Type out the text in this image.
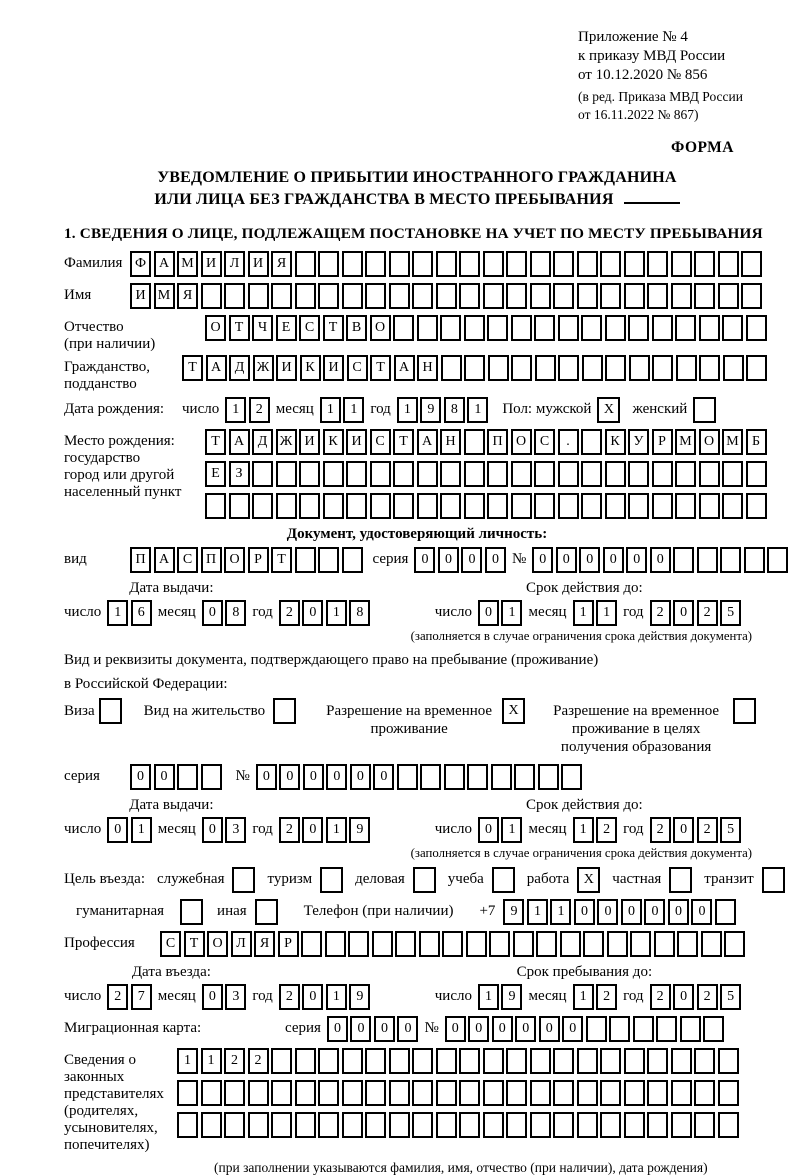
Приложение № 4
к приказу МВД России
от 10.12.2020 № 856
(в ред. Приказа МВД России
от 16.11.2022 № 867)
ФОРМА
УВЕДОМЛЕНИЕ О ПРИБЫТИИ ИНОСТРАННОГО ГРАЖДАНИНА
ИЛИ ЛИЦА БЕЗ ГРАЖДАНСТВА В МЕСТО ПРЕБЫВАНИЯ
1. СВЕДЕНИЯ О ЛИЦЕ, ПОДЛЕЖАЩЕМ ПОСТАНОВКЕ НА УЧЕТ ПО МЕСТУ ПРЕБЫВАНИЯ
Фамилия Ф А М И Л И Я
Имя	И М Я
Отчество
(при наличии)
О	Т	Ч	Е	С	Т	В О
Гражданство,
подданство
Т	А Д Ж И К И С	Т	А Н
Дата рождения:	число 1	2 месяц 1	1 год 1	9	8	1	Пол: мужской X	женский
Место рождения:
государство
город или другой
населенный пункт
Т	А Д Ж И К И С	Т	А Н	П О С	.	К У	Р М О М Б
Е	З
Документ, удостоверяющий личность:
вид	П А С П О	Р	Т	серия 0	0	0	0 № 0	0	0	0	0	0
Дата выдачи:
число 1	6 месяц 0	8 год 2	0	1	8
Срок действия до:
число 0	1 месяц 1	1 год 2	0	2	5
(заполняется в случае ограничения срока действия документа)
Вид и реквизиты документа, подтверждающего право на пребывание (проживание)
в Российской Федерации:
Виза	Вид на жительство	Разрешение на временное проживание
X	Разрешение на временное проживание в целях получения образования
серия	0	0	№ 0	0	0	0	0	0
Дата выдачи:
число 0	1 месяц 0	3 год 2	0	1	9
Срок действия до:
число 0	1 месяц 1	2 год 2	0	2	5
(заполняется в случае ограничения срока действия документа)
Цель въезда: служебная	туризм	деловая	учеба	работа	X	частная	транзит
гуманитарная	иная	Телефон (при наличии) +7	9	1	1	0	0	0	0	0	0
Профессия	С	Т	О Л	Я	Р
Дата въезда:
число 2	7 месяц 0	3 год 2	0	1	9
Срок пребывания до:
число 1	9 месяц 1	2 год 2	0	2	5
Миграционная карта:	серия 0	0	0	0 № 0	0	0	0	0	0
Сведения о
законных
представителях
(родителях,
усыновителях,
попечителях)
1	1	2	2
(при заполнении указываются фамилия, имя, отчество (при наличии), дата рождения)
